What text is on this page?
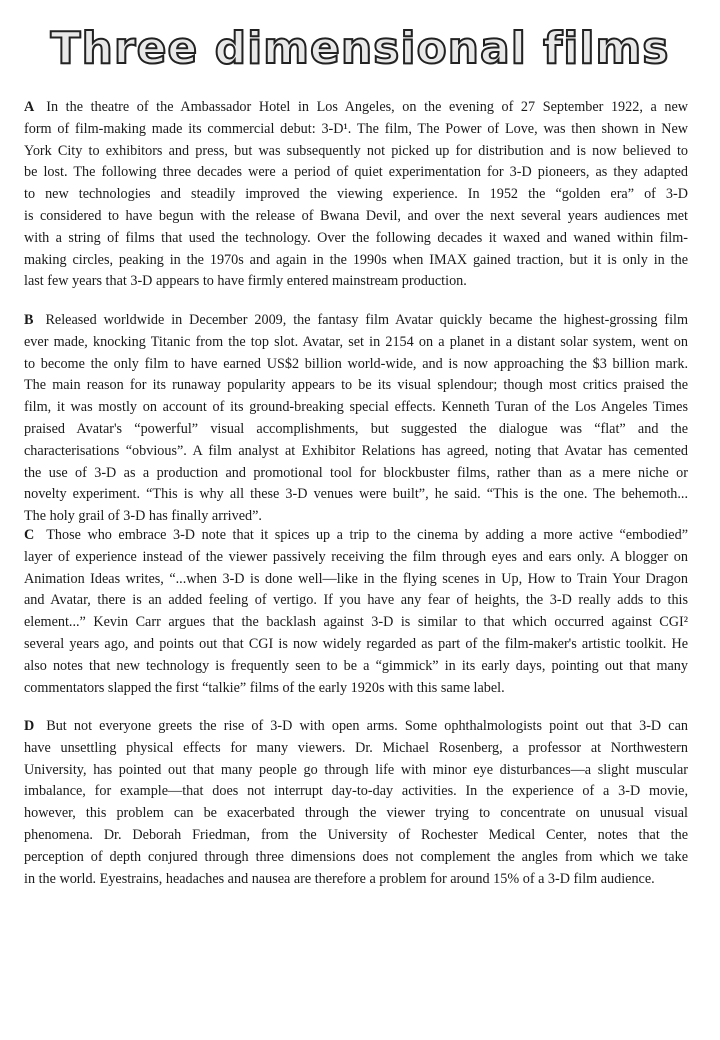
Three dimensional films
A In the theatre of the Ambassador Hotel in Los Angeles, on the evening of 27 September 1922, a new
form of film-making made its commercial debut: 3-D¹. The film, The Power of Love, was then shown in New
York City to exhibitors and press, but was subsequently not picked up for distribution and is now believed to
be lost. The following three decades were a period of quiet experimentation for 3-D pioneers, as they adapted
to new technologies and steadily improved the viewing experience. In 1952 the “golden era” of 3-D
is considered to have begun with the release of Bwana Devil, and over the next several years audiences met
with a string of films that used the technology. Over the following decades it waxed and waned within film-
making circles, peaking in the 1970s and again in the 1990s when IMAX gained traction, but it is only in the
last few years that 3-D appears to have firmly entered mainstream production.
B Released worldwide in December 2009, the fantasy film Avatar quickly became the highest-grossing film
ever made, knocking Titanic from the top slot. Avatar, set in 2154 on a planet in a distant solar system, went on
to become the only film to have earned US$2 billion world-wide, and is now approaching the $3 billion mark.
The main reason for its runaway popularity appears to be its visual splendour; though most critics praised the
film, it was mostly on account of its ground-breaking special effects. Kenneth Turan of the Los Angeles Times
praised Avatar's “powerful” visual accomplishments, but suggested the dialogue was “flat” and the
characterisations “obvious”. A film analyst at Exhibitor Relations has agreed, noting that Avatar has cemented
the use of 3-D as a production and promotional tool for blockbuster films, rather than as a mere niche or
novelty experiment. “This is why all these 3-D venues were built”, he said. “This is the one. The behemoth...
The holy grail of 3-D has finally arrived”.
C Those who embrace 3-D note that it spices up a trip to the cinema by adding a more active “embodied”
layer of experience instead of the viewer passively receiving the film through eyes and ears only. A blogger on
Animation Ideas writes, “...when 3-D is done well—like in the flying scenes in Up, How to Train Your Dragon
and Avatar, there is an added feeling of vertigo. If you have any fear of heights, the 3-D really adds to this
element...” Kevin Carr argues that the backlash against 3-D is similar to that which occurred against CGI²
several years ago, and points out that CGI is now widely regarded as part of the film-maker's artistic toolkit. He
also notes that new technology is frequently seen to be a “gimmick” in its early days, pointing out that many
commentators slapped the first “talkie” films of the early 1920s with this same label.
D But not everyone greets the rise of 3-D with open arms. Some ophthalmologists point out that 3-D can
have unsettling physical effects for many viewers. Dr. Michael Rosenberg, a professor at Northwestern
University, has pointed out that many people go through life with minor eye disturbances—a slight muscular
imbalance, for example—that does not interrupt day-to-day activities. In the experience of a 3-D movie,
however, this problem can be exacerbated through the viewer trying to concentrate on unusual visual
phenomena. Dr. Deborah Friedman, from the University of Rochester Medical Center, notes that the
perception of depth conjured through three dimensions does not complement the angles from which we take
in the world. Eyestrains, headaches and nausea are therefore a problem for around 15% of a 3-D film audience.
